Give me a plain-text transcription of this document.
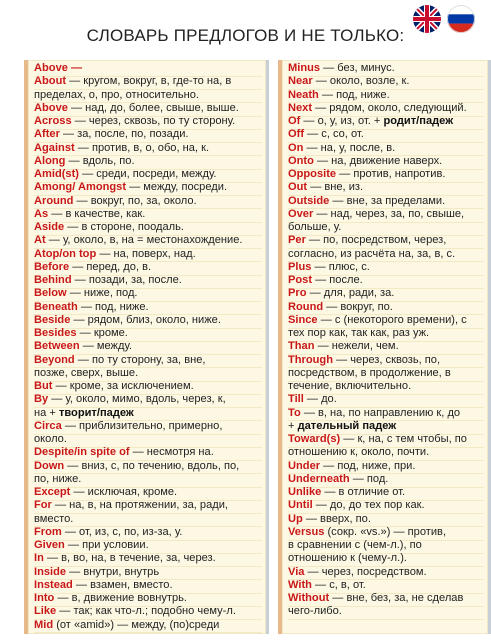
СЛОВАРЬ ПРЕДЛОГОВ И НЕ ТОЛЬКО:
Above —
About — кругом, вокруг, в, где-то на, в
пределах, о, про, относительно.
Above — над, до, более, свыше, выше.
Across — через, сквозь, по ту сторону.
After — за, после, по, позади.
Against — против, в, о, обо, на, к.
Along — вдоль, по.
Amid(st) — среди, посреди, между.
Among/ Amongst — между, посреди.
Around — вокруг, по, за, около.
As — в качестве, как.
Aside — в стороне, поодаль.
At — у, около, в, на = местонахождение.
Atop/on top — на, поверх, над.
Before — перед, до, в.
Behind — позади, за, после.
Below — ниже, под.
Beneath — под, ниже.
Beside — рядом, близ, около, ниже.
Besides — кроме.
Between — между.
Beyond — по ту сторону, за, вне,
позже, сверх, выше.
But — кроме, за исключением.
By — у, около, мимо, вдоль, через, к,
на + творит/падеж
Circa — приблизительно, примерно,
около.
Despite/in spite of — несмотря на.
Down — вниз, с, по течению, вдоль, по,
по, ниже.
Except — исключая, кроме.
For — на, в, на протяжении, за, ради,
вместо.
From — от, из, с, по, из-за, у.
Given — при условии.
In — в, во, на, в течение, за, через.
Inside — внутри, внутрь
Instead — взамен, вместо.
Into — в, движение вовнутрь.
Like — так; как что-л.; подобно чему-л.
Mid (от «amid») — между, (по)среди
Minus — без, минус.
Near — около, возле, к.
Neath — под, ниже.
Next — рядом, около, следующий.
Of — о, у, из, от. + родит/падеж
Off — с, со, от.
On — на, у, после, в.
Onto — на, движение наверх.
Opposite — против, напротив.
Out — вне, из.
Outside — вне, за пределами.
Over — над, через, за, по, свыше,
больше, у.
Per — по, посредством, через,
согласно, из расчёта на, за, в, с.
Plus — плюс, с.
Post — после.
Pro — для, ради, за.
Round — вокруг, по.
Since — с (некоторого времени), с
тех пор как, так как, раз уж.
Than — нежели, чем.
Through — через, сквозь, по,
посредством, в продолжение, в
течение, включительно.
Till — до.
To — в, на, по направлению к, до
+ дательный падеж
Toward(s) — к, на, с тем чтобы, по
отношению к, около, почти.
Under — под, ниже, при.
Underneath — под.
Unlike — в отличие от.
Until — до, до тех пор как.
Up — вверх, по.
Versus (сокр. «vs.») — против,
в сравнении с (чем-л.), по
отношению к (чему-л.).
Via — через, посредством.
With — с, в, от.
Without — вне, без, за, не сделав
чего-либо.
